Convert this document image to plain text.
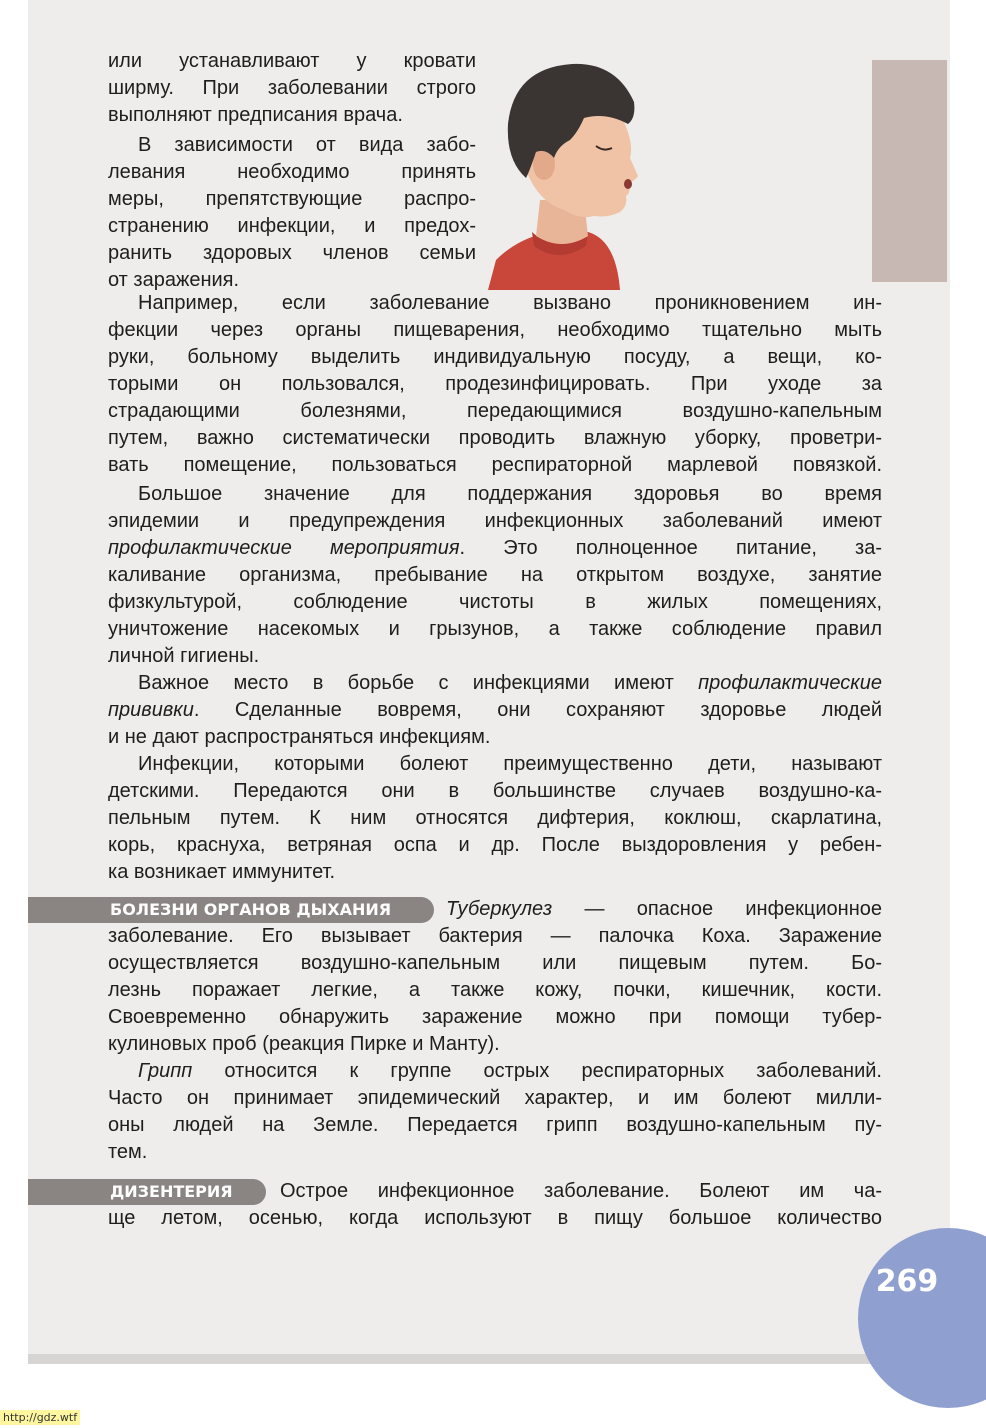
или устанавливают у кровати
ширму. При заболевании строго
выполняют предписания врача.
В зависимости от вида забо-
левания необходимо принять
меры, препятствующие распро-
странению инфекции, и предох-
ранить здоровых членов семьи
от заражения.
Например, если заболевание вызвано проникновением ин-
фекции через органы пищеварения, необходимо тщательно мыть
руки, больному выделить индивидуальную посуду, а вещи, ко-
торыми он пользовался, продезинфицировать. При уходе за
страдающими болезнями, передающимися воздушно-капельным
путем, важно систематически проводить влажную уборку, проветри-
вать помещение, пользоваться респираторной марлевой повязкой.
Большое значение для поддержания здоровья во время
эпидемии и предупреждения инфекционных заболеваний имеют
профилактические мероприятия. Это полноценное питание, за-
каливание организма, пребывание на открытом воздухе, занятие
физкультурой, соблюдение чистоты в жилых помещениях,
уничтожение насекомых и грызунов, а также соблюдение правил
личной гигиены.
Важное место в борьбе с инфекциями имеют профилактические
прививки. Сделанные вовремя, они сохраняют здоровье людей
и не дают распространяться инфекциям.
Инфекции, которыми болеют преимущественно дети, называют
детскими. Передаются они в большинстве случаев воздушно-ка-
пельным путем. К ним относятся дифтерия, коклюш, скарлатина,
корь, краснуха, ветряная оспа и др. После выздоровления у ребен-
ка возникает иммунитет.
БОЛЕЗНИ ОРГАНОВ ДЫХАНИЯ	Туберкулез — опасное инфекционное
заболевание. Его вызывает бактерия — палочка Коха. Заражение
осуществляется воздушно-капельным или пищевым путем. Бо-
лезнь поражает легкие, а также кожу, почки, кишечник, кости.
Своевременно обнаружить заражение можно при помощи тубер-
кулиновых проб (реакция Пирке и Манту).
Грипп относится к группе острых респираторных заболеваний.
Часто он принимает эпидемический характер, и им болеют милли-
оны людей на Земле. Передается грипп воздушно-капельным пу-
тем.
ДИЗЕНТЕРИЯ	Острое инфекционное заболевание. Болеют им ча-
ще летом, осенью, когда используют в пищу большое количество
269
http://gdz.wtf
